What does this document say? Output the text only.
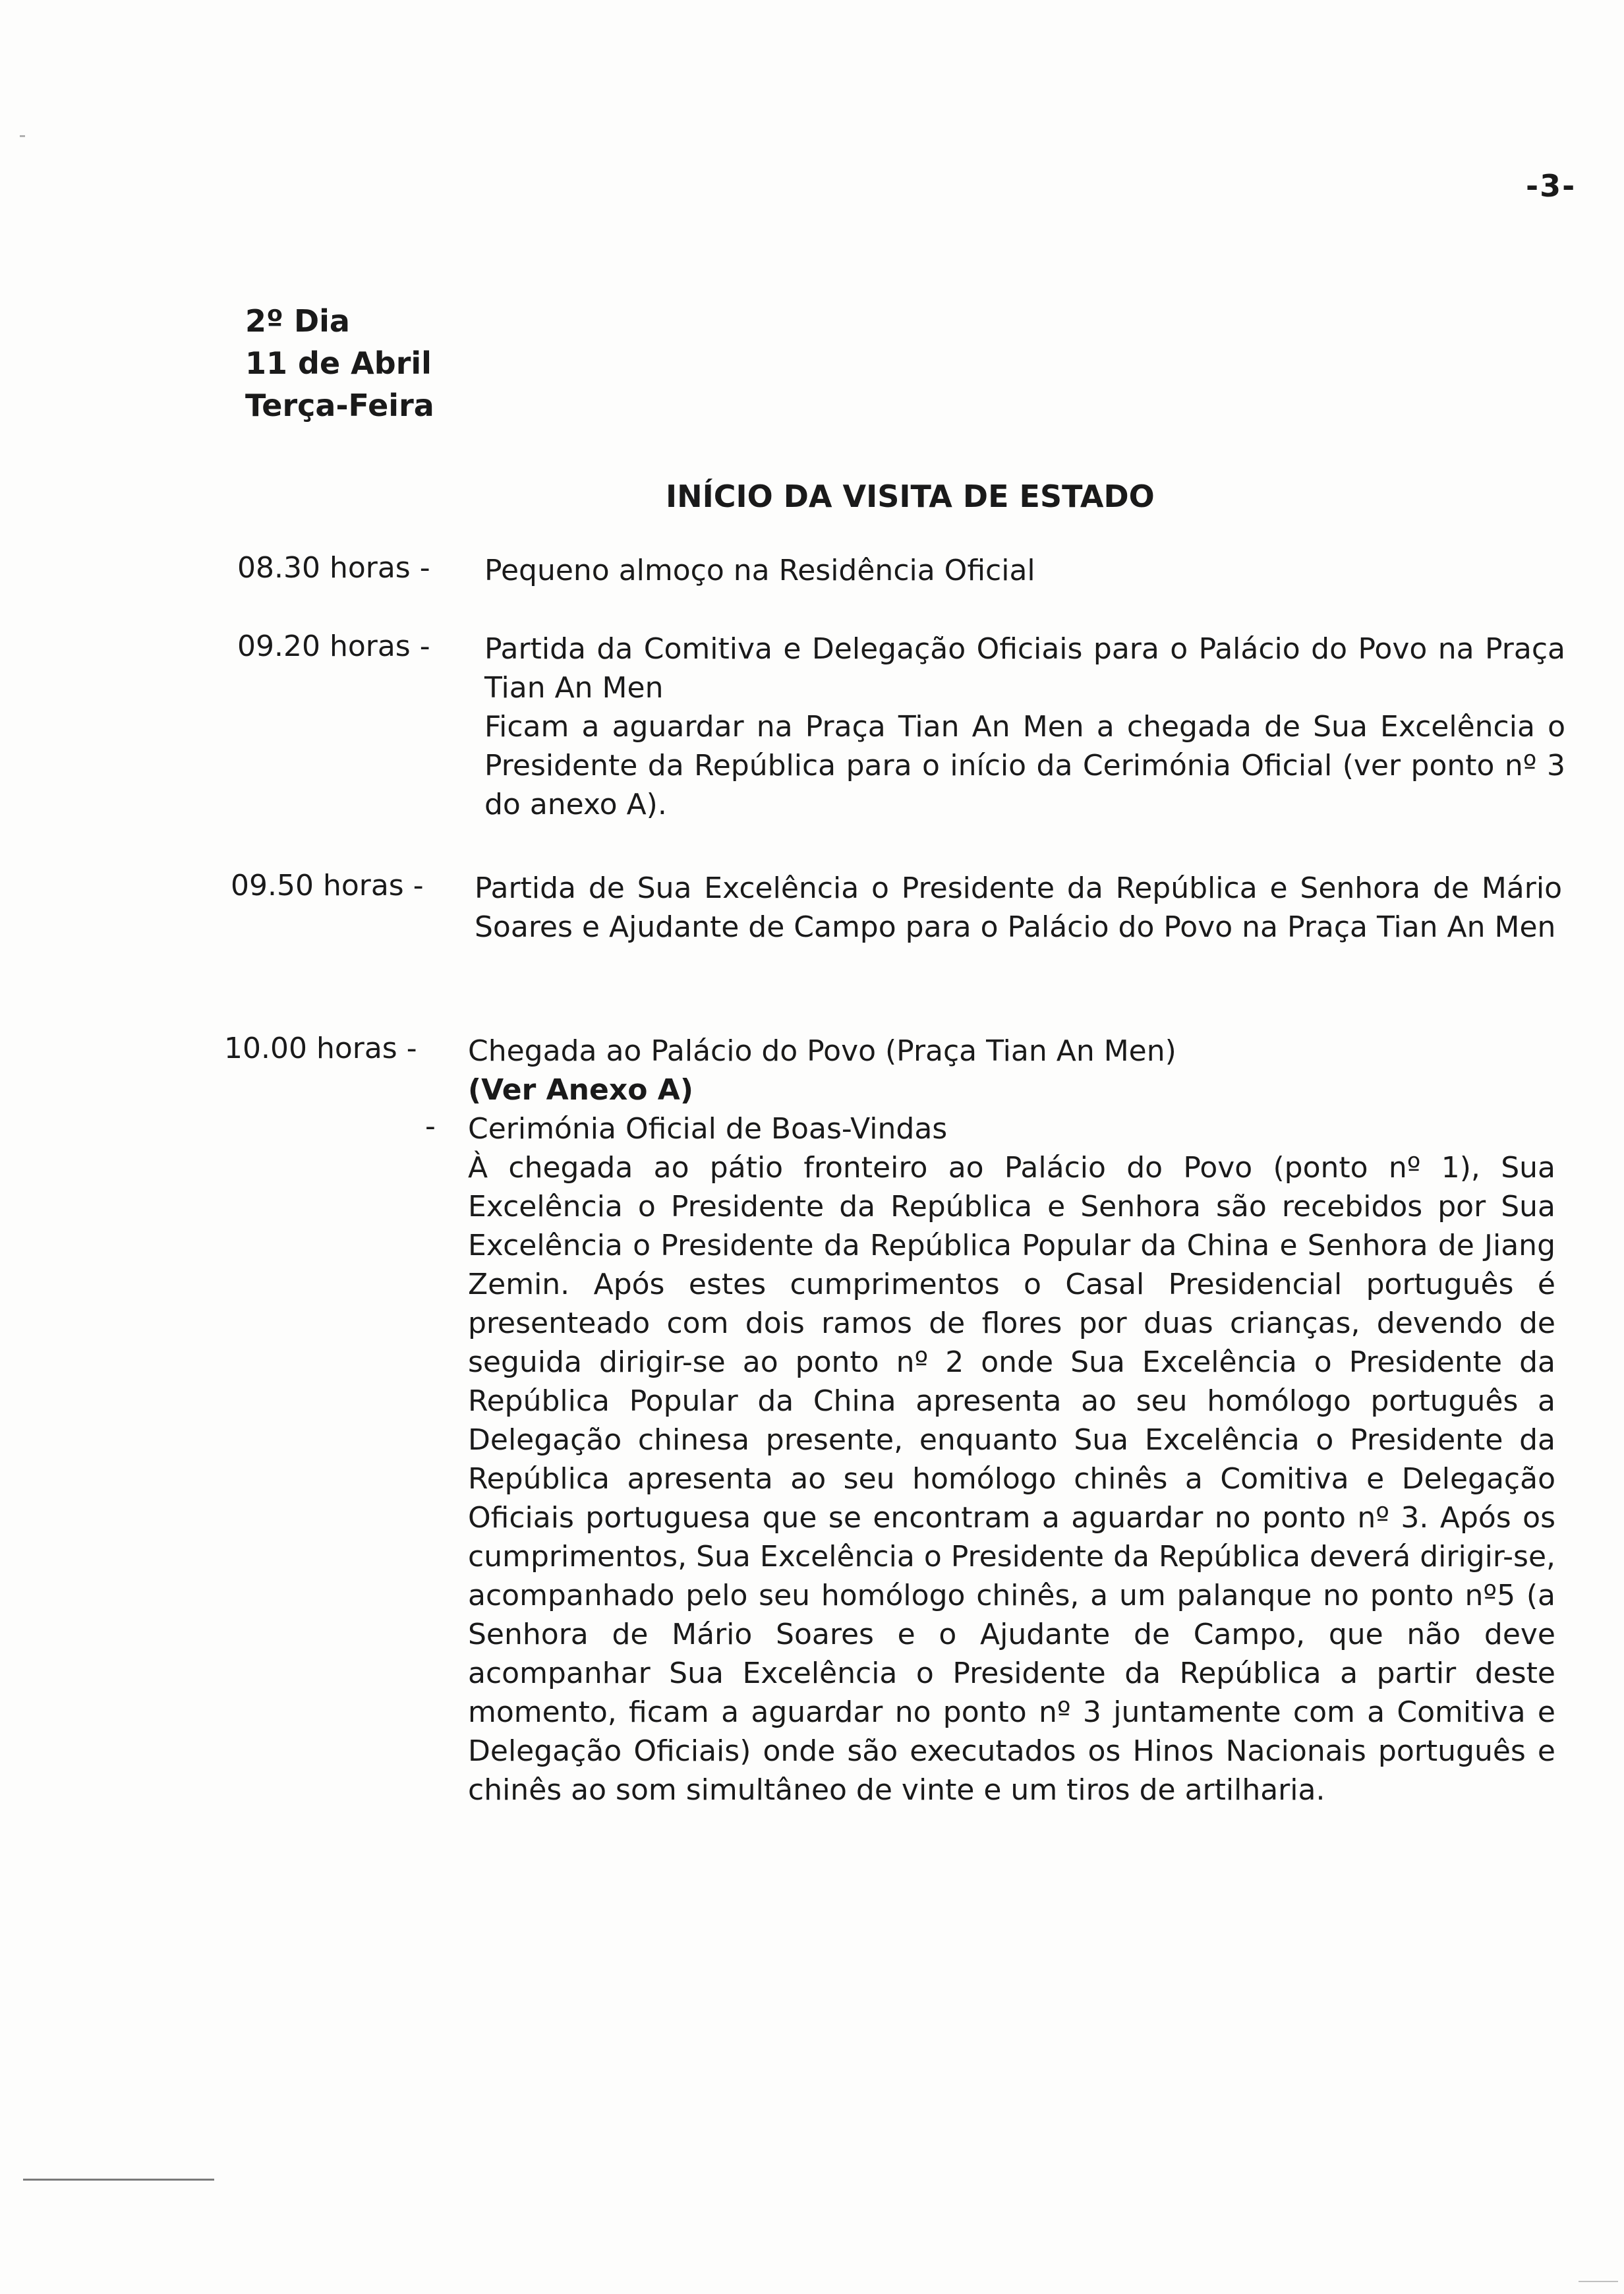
-3-
2º Dia
11 de Abril
Terça-Feira
INÍCIO DA VISITA DE ESTADO
08.30 horas - Pequeno almoço na Residência Oficial

09.20 horas - Partida da Comitiva e Delegação Oficiais para o Palácio do Povo na Praça Tian An Men

Ficam a aguardar na Praça Tian An Men a chegada de Sua Excelência o Presidente da República para o início da Cerimónia Oficial (ver ponto nº 3 do anexo A).

09.50 horas - Partida de Sua Excelência o Presidente da República e Senhora de Mário Soares e Ajudante de Campo para o Palácio do Povo na Praça Tian An Men

10.00 horas - Chegada ao Palácio do Povo (Praça Tian An Men)

(Ver Anexo A)

Cerimónia Oficial de Boas-Vindas

À chegada ao pátio fronteiro ao Palácio do Povo (ponto nº 1), Sua Excelência o Presidente da República e Senhora são recebidos por Sua Excelência o Presidente da República Popular da China e Senhora de Jiang Zemin. Após estes cumprimentos o Casal Presidencial português é presenteado com dois ramos de flores por duas crianças, devendo de seguida dirigir-se ao ponto nº 2 onde Sua Excelência o Presidente da República Popular da China apresenta ao seu homólogo português a Delegação chinesa presente, enquanto Sua Excelência o Presidente da República apresenta ao seu homólogo chinês a Comitiva e Delegação Oficiais portuguesa que se encontram a aguardar no ponto nº 3. Após os cumprimentos, Sua Excelência o Presidente da República deverá dirigir-se, acompanhado pelo seu homólogo chinês, a um palanque no ponto nº5 (a Senhora de Mário Soares e o Ajudante de Campo, que não deve acompanhar Sua Excelência o Presidente da República a partir deste momento, ficam a aguardar no ponto nº 3 juntamente com a Comitiva e Delegação Oficiais) onde são executados os Hinos Nacionais português e chinês ao som simultâneo de vinte e um tiros de artilharia.

-
